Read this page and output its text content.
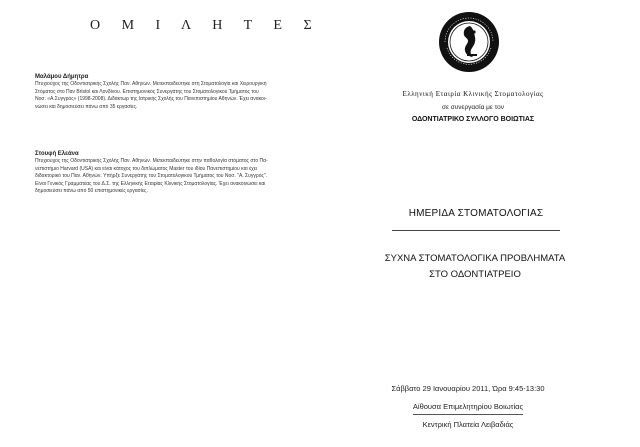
Ο Μ Ι Λ Η Τ Ε Σ
Μαλάμου Δήμητρα
Πτυχιούχος της Οδοντιατρικής Σχολής Παν. Αθηνών. Μετεκπαιδεύτηκε στη Στοματολογία και Χειρουργική
Στόματος στο Παν Bristol και Λονδίνου. Επιστημονικός Συνεργάτης του Στοματολογικού Τμήματος του
Νοσ. «Α.Συγγρός» (1998-2008). Διδάκτωρ της Ιατρικής Σχολής του Πανεπιστημίου Αθηνών. Έχει ανακοι-
νώσει και δημοσιεύσει πάνω από 35 εργασίες.
Στουφή Ελεάνα
Πτυχιούχος της Οδοντιατρικής Σχολής Παν. Αθηνών. Μετεκπαιδεύτηκε στην παθολογία στόματος στο Πα-
νεπιστήμιο Harvard (USA) και είναι κάτοχος του διπλώματος Master του ιδίου Πανεπιστημίου και έχει
διδακτορικό του Παν. Αθηνών. Υπήρξε Συνεργάτης του Στοματολογικού Τμήματος του Νοσ. "Α. Συγγρός".
Είναι Γενικός Γραμματέας του Δ.Σ. της Ελληνικής Εταιρίας Κλινικής Στοματολογίας. Έχει ανακοινώσει και
δημοσιεύσει πάνω από 50 επιστημονικές εργασίες.
Ελληνική Εταιρία Κλινικής Στοματολογίας
σε συνεργασία με τον
ΟΔΟΝΤΙΑΤΡΙΚΟ ΣΥΛΛΟΓΟ ΒΟΙΩΤΙΑΣ
ΗΜΕΡΙΔΑ ΣΤΟΜΑΤΟΛΟΓΙΑΣ
ΣΥΧΝΑ ΣΤΟΜΑΤΟΛΟΓΙΚΑ ΠΡΟΒΛΗΜΑΤΑ
ΣΤΟ ΟΔΟΝΤΙΑΤΡΕΙΟ
Σάββατο 29 Ιανουαρίου 2011, Ώρα 9:45-13:30
Αίθουσα Επιμελητηρίου Βοιωτίας
Κεντρική Πλατεία Λειβαδιάς
